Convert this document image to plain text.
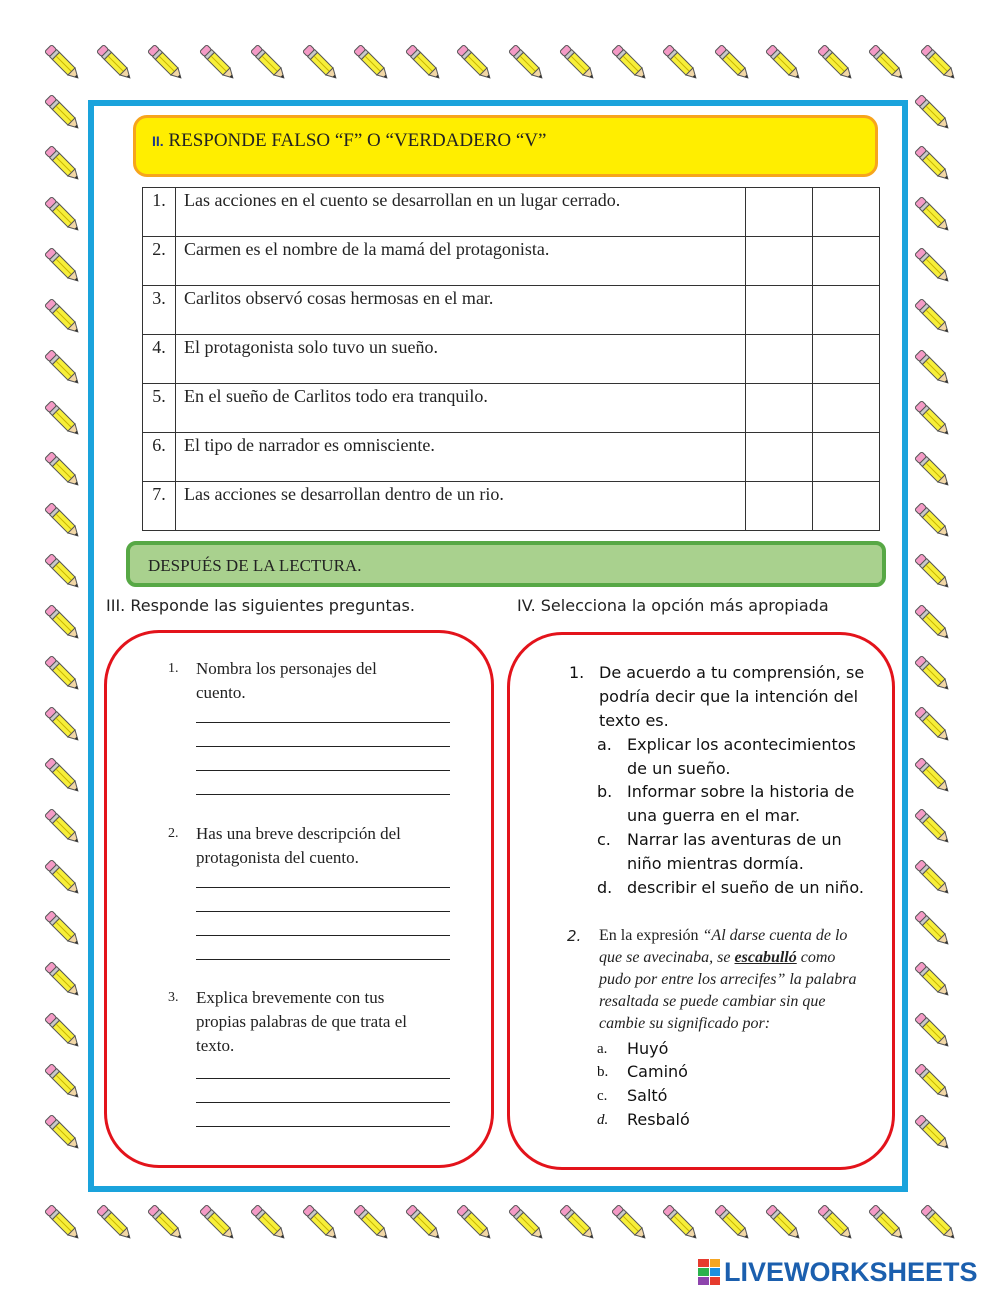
II. RESPONDE FALSO “F” O “VERDADERO “V”
1.	Las acciones en el cuento se desarrollan en un lugar cerrado.		
2.	Carmen es el nombre de la mamá del protagonista.		
3.	Carlitos observó cosas hermosas en el mar.		
4.	El protagonista solo tuvo un sueño.		
5.	En el sueño de Carlitos todo era tranquilo.		
6.	El tipo de narrador es omnisciente.		
7.	Las acciones se desarrollan dentro de un rio.		
DESPUÉS DE LA LECTURA.
III. Responde las siguientes preguntas.	IV. Selecciona la opción más apropiada
1. Nombra los personajes del
cuento.
2. Has una breve descripción del
protagonista del cuento.
3. Explica brevemente con tus
propias palabras de que trata el
texto.
1. De acuerdo a tu comprensión, se
podría decir que la intención del
texto es.
a. Explicar los acontecimientos
de un sueño.
b. Informar sobre la historia de
una guerra en el mar.
c. Narrar las aventuras de un
niño mientras dormía.
d. describir el sueño de un niño.
2. En la expresión “Al darse cuenta de lo que se avecinaba, se escabulló como pudo por entre los arrecifes” la palabra resaltada se puede cambiar sin que cambie su significado por:
a. Huyó
b. Caminó
c. Saltó
d. Resbaló
LIVEWORKSHEETS
